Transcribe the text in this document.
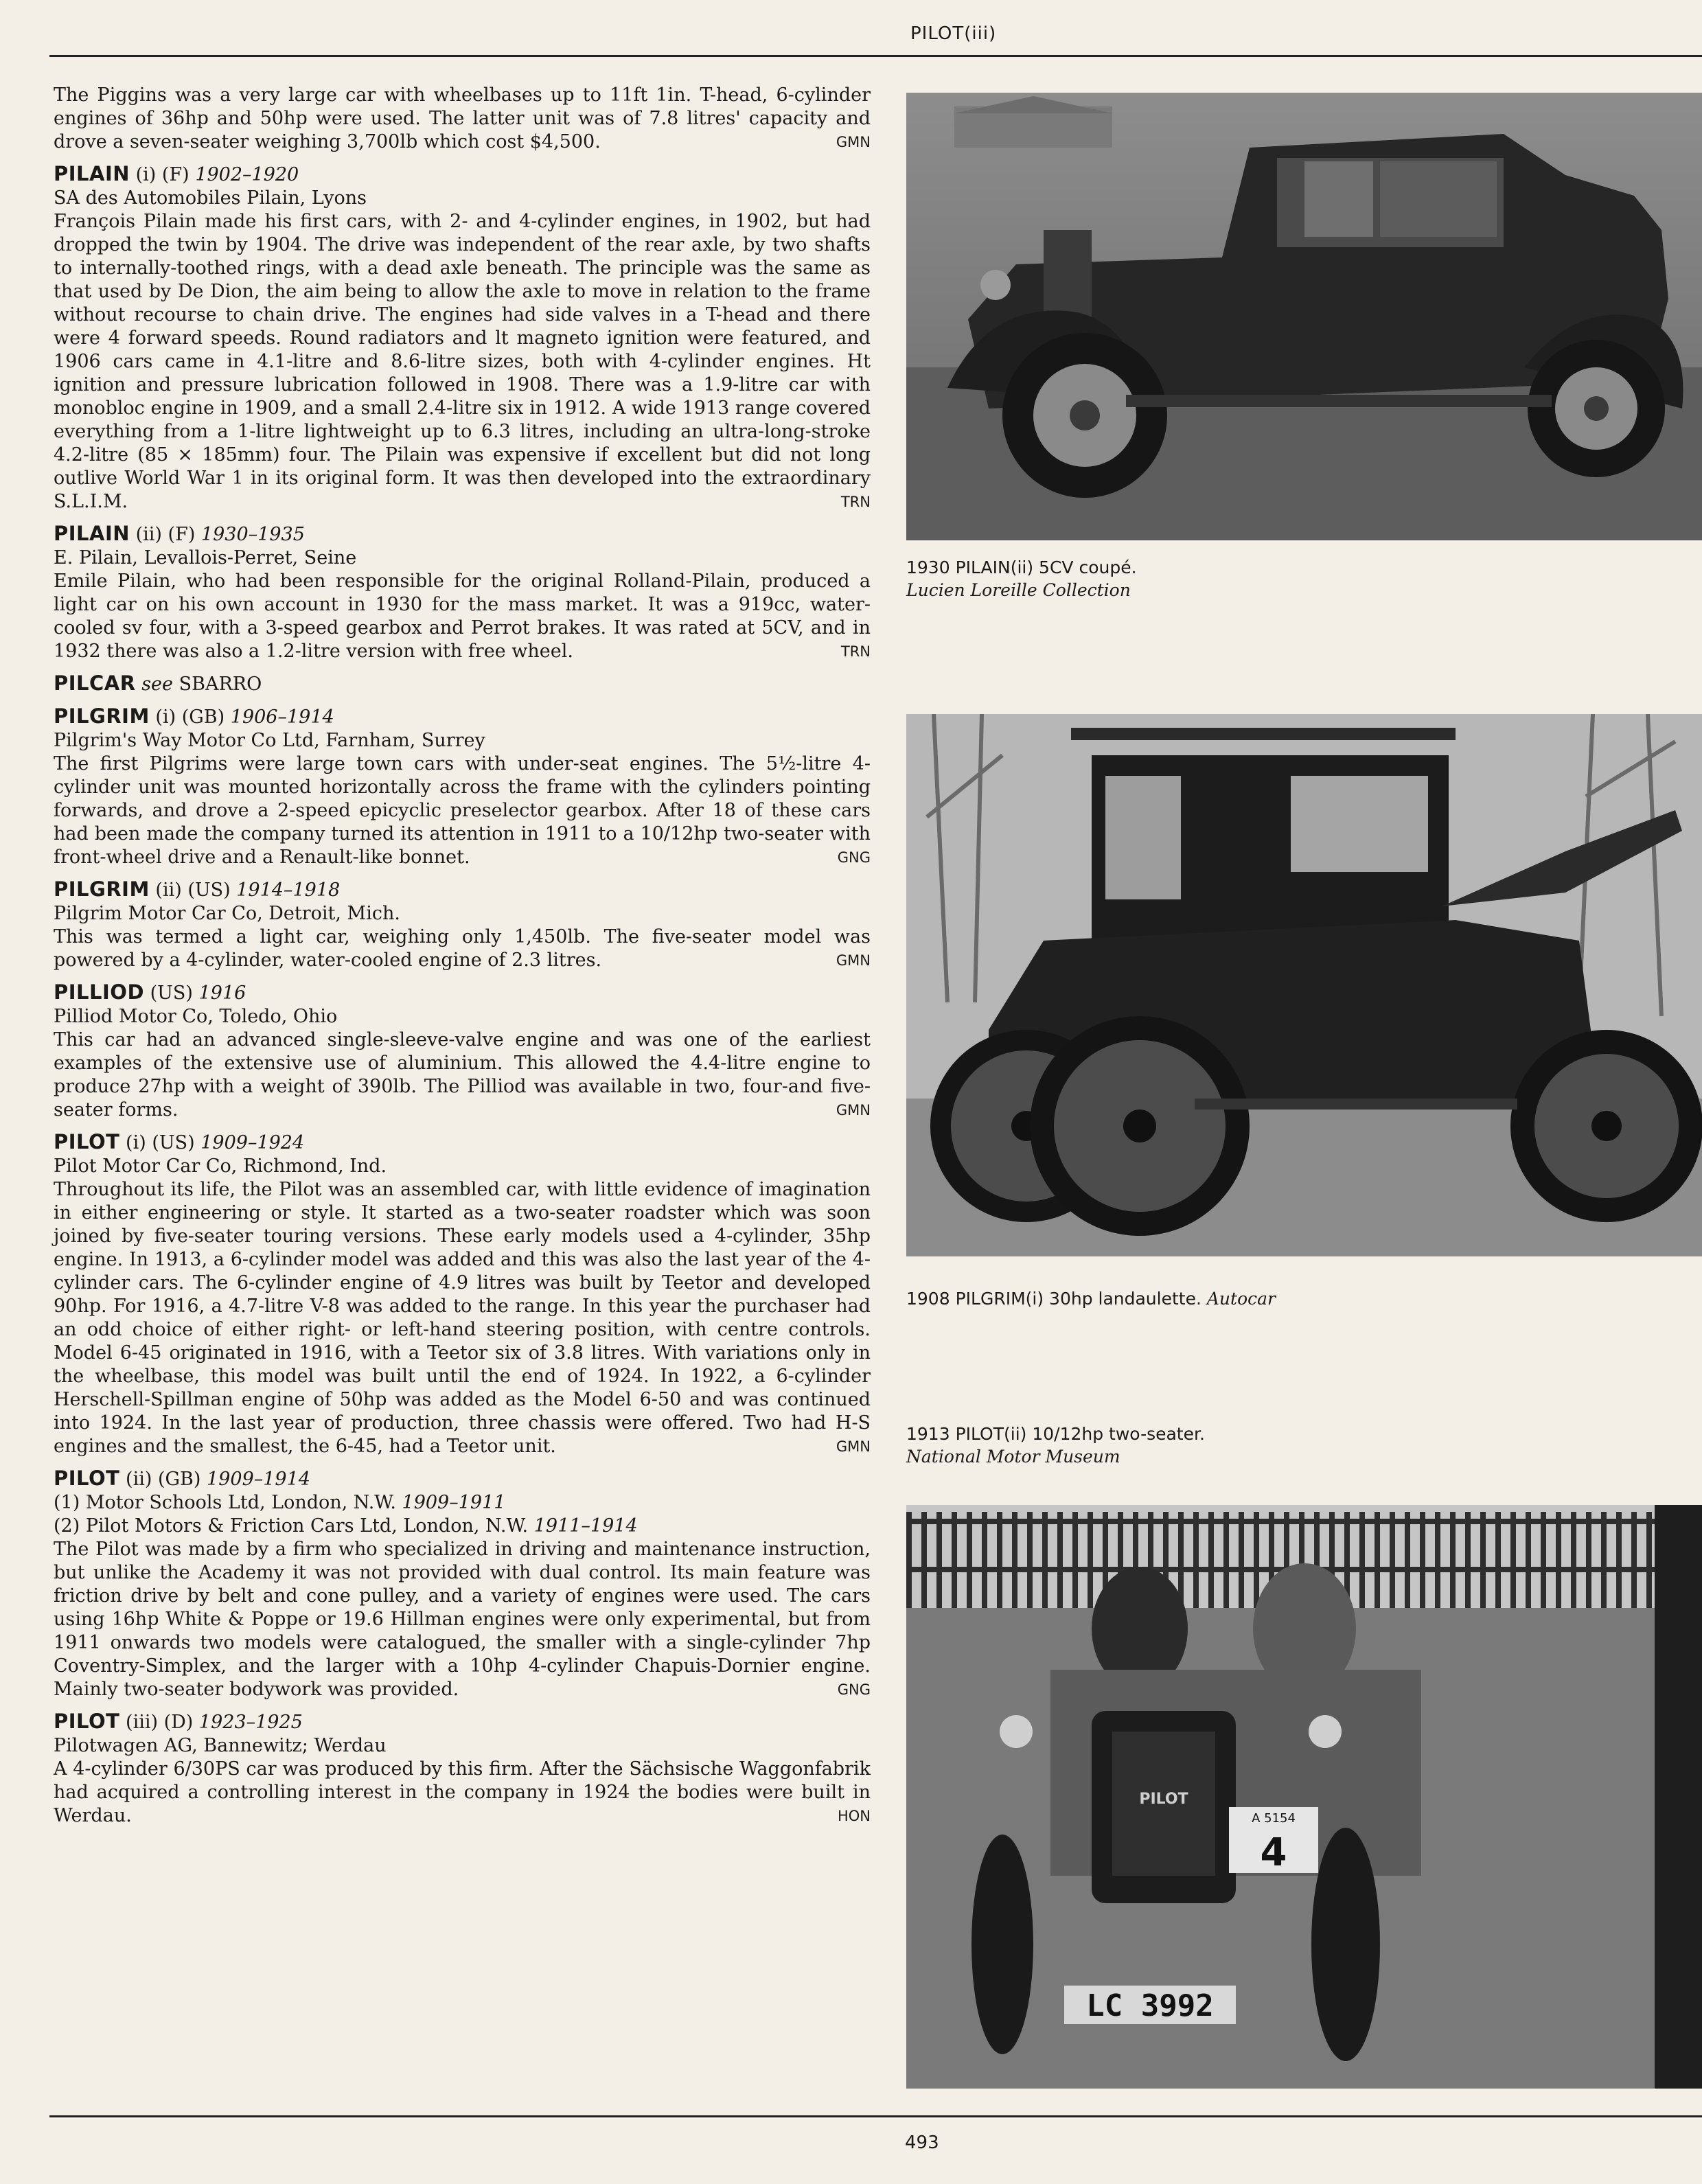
PILOT(iii)

The Piggins was a very large car with wheelbases up to 11ft 1in. T-head, 6-cylinder engines of 36hp and 50hp were used. The latter unit was of 7.8 litres' capacity and drove a seven-seater weighing 3,700lb which cost $4,500.	GMN

PILAIN (i) (F) 1902–1920

SA des Automobiles Pilain, Lyons

François Pilain made his first cars, with 2- and 4-cylinder engines, in 1902, but had dropped the twin by 1904. The drive was independent of the rear axle, by two shafts to internally-toothed rings, with a dead axle beneath. The principle was the same as that used by De Dion, the aim being to allow the axle to move in relation to the frame without recourse to chain drive. The engines had side valves in a T-head and there were 4 forward speeds. Round radiators and lt magneto ignition were featured, and 1906 cars came in 4.1-litre and 8.6-litre sizes, both with 4-cylinder engines. Ht ignition and pressure lubrication followed in 1908. There was a 1.9-litre car with monobloc engine in 1909, and a small 2.4-litre six in 1912. A wide 1913 range covered everything from a 1-litre lightweight up to 6.3 litres, including an ultra-long-stroke 4.2-litre (85 × 185mm) four. The Pilain was expensive if excellent but did not long outlive World War 1 in its original form. It was then developed into the extraordinary S.L.I.M.	TRN

PILAIN (ii) (F) 1930–1935

E. Pilain, Levallois-Perret, Seine

Emile Pilain, who had been responsible for the original Rolland-Pilain, produced a light car on his own account in 1930 for the mass market. It was a 919cc, water-cooled sv four, with a 3-speed gearbox and Perrot brakes. It was rated at 5CV, and in 1932 there was also a 1.2-litre version with free wheel.	TRN

PILCAR see SBARRO
PILGRIM (i) (GB) 1906–1914

Pilgrim's Way Motor Co Ltd, Farnham, Surrey

The first Pilgrims were large town cars with under-seat engines. The 5½-litre 4-cylinder unit was mounted horizontally across the frame with the cylinders pointing forwards, and drove a 2-speed epicyclic preselector gearbox. After 18 of these cars had been made the company turned its attention in 1911 to a 10/12hp two-seater with front-wheel drive and a Renault-like bonnet.	GNG

PILGRIM (ii) (US) 1914–1918

Pilgrim Motor Car Co, Detroit, Mich.

This was termed a light car, weighing only 1,450lb. The five-seater model was powered by a 4-cylinder, water-cooled engine of 2.3 litres.	GMN

PILLIOD (US) 1916

Pilliod Motor Co, Toledo, Ohio

This car had an advanced single-sleeve-valve engine and was one of the earliest examples of the extensive use of aluminium. This allowed the 4.4-litre engine to produce 27hp with a weight of 390lb. The Pilliod was available in two, four-and five-seater forms.	GMN

PILOT (i) (US) 1909–1924

Pilot Motor Car Co, Richmond, Ind.

Throughout its life, the Pilot was an assembled car, with little evidence of imagination in either engineering or style. It started as a two-seater roadster which was soon joined by five-seater touring versions. These early models used a 4-cylinder, 35hp engine. In 1913, a 6-cylinder model was added and this was also the last year of the 4-cylinder cars. The 6-cylinder engine of 4.9 litres was built by Teetor and developed 90hp. For 1916, a 4.7-litre V-8 was added to the range. In this year the purchaser had an odd choice of either right- or left-hand steering position, with centre controls. Model 6-45 originated in 1916, with a Teetor six of 3.8 litres. With variations only in the wheelbase, this model was built until the end of 1924. In 1922, a 6-cylinder Herschell-Spillman engine of 50hp was added as the Model 6-50 and was continued into 1924. In the last year of production, three chassis were offered. Two had H-S engines and the smallest, the 6-45, had a Teetor unit.	GMN

PILOT (ii) (GB) 1909–1914

(1) Motor Schools Ltd, London, N.W. 1909–1911

(2) Pilot Motors & Friction Cars Ltd, London, N.W. 1911–1914

The Pilot was made by a firm who specialized in driving and maintenance instruction, but unlike the Academy it was not provided with dual control. Its main feature was friction drive by belt and cone pulley, and a variety of engines were used. The cars using 16hp White & Poppe or 19.6 Hillman engines were only experimental, but from 1911 onwards two models were catalogued, the smaller with a single-cylinder 7hp Coventry-Simplex, and the larger with a 10hp 4-cylinder Chapuis-Dornier engine. Mainly two-seater bodywork was provided.	GNG

PILOT (iii) (D) 1923–1925

Pilotwagen AG, Bannewitz; Werdau

A 4-cylinder 6/30PS car was produced by this firm. After the Sächsische Waggonfabrik had acquired a controlling interest in the company in 1924 the bodies were built in Werdau.	HON

1930 PILAIN(ii) 5CV coupé.
Lucien Loreille Collection
1908 PILGRIM(i) 30hp landaulette. Autocar
1913 PILOT(ii) 10/12hp two-seater.
National Motor Museum
PILOT
A 5154
4
LC 3992
493
